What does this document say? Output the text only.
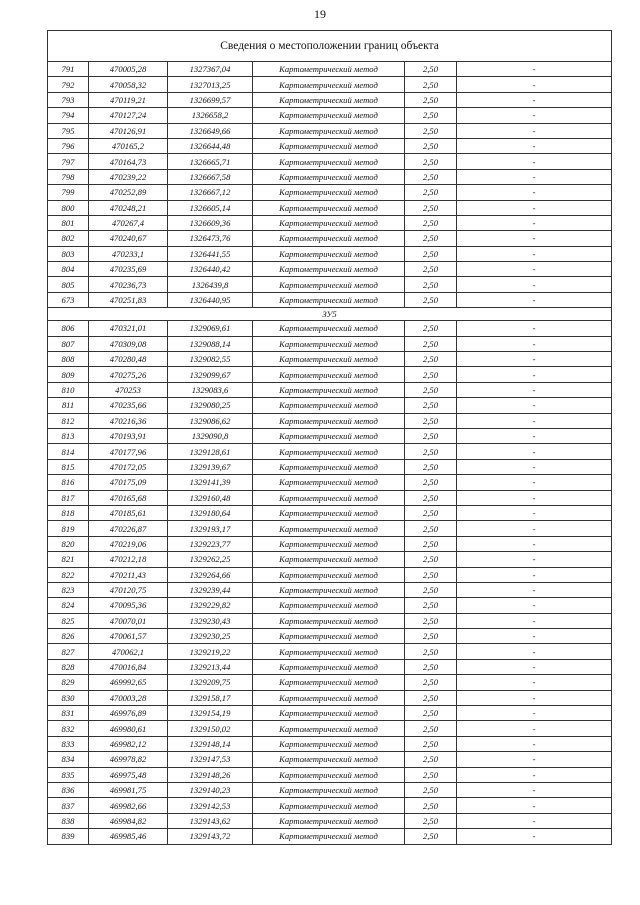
19
Сведения о местоположении границ объекта					
791	470005,28	1327367,04	Картометрический метод	2,50	-
792	470058,32	1327013,25	Картометрический метод	2,50	-
793	470119,21	1326699,57	Картометрический метод	2,50	-
794	470127,24	1326658,2	Картометрический метод	2,50	-
795	470126,91	1326649,66	Картометрический метод	2,50	-
796	470165,2	1326644,48	Картометрический метод	2,50	-
797	470164,73	1326665,71	Картометрический метод	2,50	-
798	470239,22	1326667,58	Картометрический метод	2,50	-
799	470252,89	1326667,12	Картометрический метод	2,50	-
800	470248,21	1326605,14	Картометрический метод	2,50	-
801	470267,4	1326609,36	Картометрический метод	2,50	-
802	470240,67	1326473,76	Картометрический метод	2,50	-
803	470233,1	1326441,55	Картометрический метод	2,50	-
804	470235,69	1326440,42	Картометрический метод	2,50	-
805	470236,73	1326439,8	Картометрический метод	2,50	-
673	470251,83	1326440,95	Картометрический метод	2,50	-
ЗУ5					
806	470321,01	1329069,61	Картометрический метод	2,50	-
807	470309,08	1329088,14	Картометрический метод	2,50	-
808	470280,48	1329082,55	Картометрический метод	2,50	-
809	470275,26	1329099,67	Картометрический метод	2,50	-
810	470253	1329083,6	Картометрический метод	2,50	-
811	470235,66	1329080,25	Картометрический метод	2,50	-
812	470216,36	1329086,62	Картометрический метод	2,50	-
813	470193,91	1329090,8	Картометрический метод	2,50	-
814	470177,96	1329128,61	Картометрический метод	2,50	-
815	470172,05	1329139,67	Картометрический метод	2,50	-
816	470175,09	1329141,39	Картометрический метод	2,50	-
817	470165,68	1329160,48	Картометрический метод	2,50	-
818	470185,61	1329180,64	Картометрический метод	2,50	-
819	470226,87	1329193,17	Картометрический метод	2,50	-
820	470219,06	1329223,77	Картометрический метод	2,50	-
821	470212,18	1329262,25	Картометрический метод	2,50	-
822	470211,43	1329264,66	Картометрический метод	2,50	-
823	470120,75	1329239,44	Картометрический метод	2,50	-
824	470095,36	1329229,82	Картометрический метод	2,50	-
825	470070,01	1329230,43	Картометрический метод	2,50	-
826	470061,57	1329230,25	Картометрический метод	2,50	-
827	470062,1	1329219,22	Картометрический метод	2,50	-
828	470016,84	1329213,44	Картометрический метод	2,50	-
829	469992,65	1329209,75	Картометрический метод	2,50	-
830	470003,28	1329158,17	Картометрический метод	2,50	-
831	469976,89	1329154,19	Картометрический метод	2,50	-
832	469980,61	1329150,02	Картометрический метод	2,50	-
833	469982,12	1329148,14	Картометрический метод	2,50	-
834	469978,82	1329147,53	Картометрический метод	2,50	-
835	469975,48	1329148,26	Картометрический метод	2,50	-
836	469981,75	1329140,23	Картометрический метод	2,50	-
837	469982,66	1329142,53	Картометрический метод	2,50	-
838	469984,82	1329143,62	Картометрический метод	2,50	-
839	469985,46	1329143,72	Картометрический метод	2,50	-
